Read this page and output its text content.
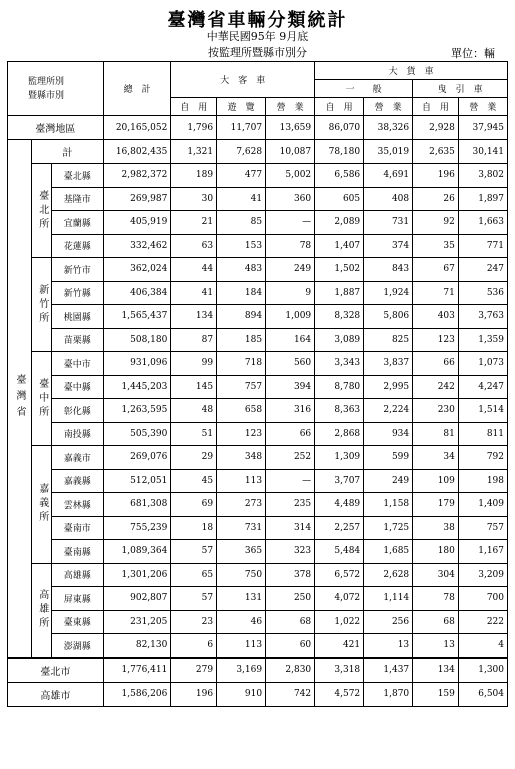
臺灣省車輛分類統計
中華民國95年 9月底
按監理所暨縣市別分	單位：輛
監理所別
暨縣市別			總　計	大　客　車			大　貨　車			
							一　　般		曳　引　車	
				自　用	遊　覽	營　業	自　用	營　業	自　用	營　業
臺灣地區			20,165,052	1,796	11,707	13,659	86,070	38,326	2,928	37,945
臺灣省	計		16,802,435	1,321	7,628	10,087	78,180	35,019	2,635	30,141
	臺北所	臺北縣	2,982,372	189	477	5,002	6,586	4,691	196	3,802
		基隆市	269,987	30	41	360	605	408	26	1,897
		宜蘭縣	405,919	21	85	—	2,089	731	92	1,663
		花蓮縣	332,462	63	153	78	1,407	374	35	771
	新竹所	新竹市	362,024	44	483	249	1,502	843	67	247
		新竹縣	406,384	41	184	9	1,887	1,924	71	536
		桃園縣	1,565,437	134	894	1,009	8,328	5,806	403	3,763
		苗栗縣	508,180	87	185	164	3,089	825	123	1,359
	臺中所	臺中市	931,096	99	718	560	3,343	3,837	66	1,073
		臺中縣	1,445,203	145	757	394	8,780	2,995	242	4,247
		彰化縣	1,263,595	48	658	316	8,363	2,224	230	1,514
		南投縣	505,390	51	123	66	2,868	934	81	811
	嘉義所	嘉義市	269,076	29	348	252	1,309	599	34	792
		嘉義縣	512,051	45	113	—	3,707	249	109	198
		雲林縣	681,308	69	273	235	4,489	1,158	179	1,409
		臺南市	755,239	18	731	314	2,257	1,725	38	757
		臺南縣	1,089,364	57	365	323	5,484	1,685	180	1,167
	高雄所	高雄縣	1,301,206	65	750	378	6,572	2,628	304	3,209
		屏東縣	902,807	57	131	250	4,072	1,114	78	700
		臺東縣	231,205	23	46	68	1,022	256	68	222
		澎湖縣	82,130	6	113	60	421	13	13	4
臺北市			1,776,411	279	3,169	2,830	3,318	1,437	134	1,300
高雄市			1,586,206	196	910	742	4,572	1,870	159	6,504
